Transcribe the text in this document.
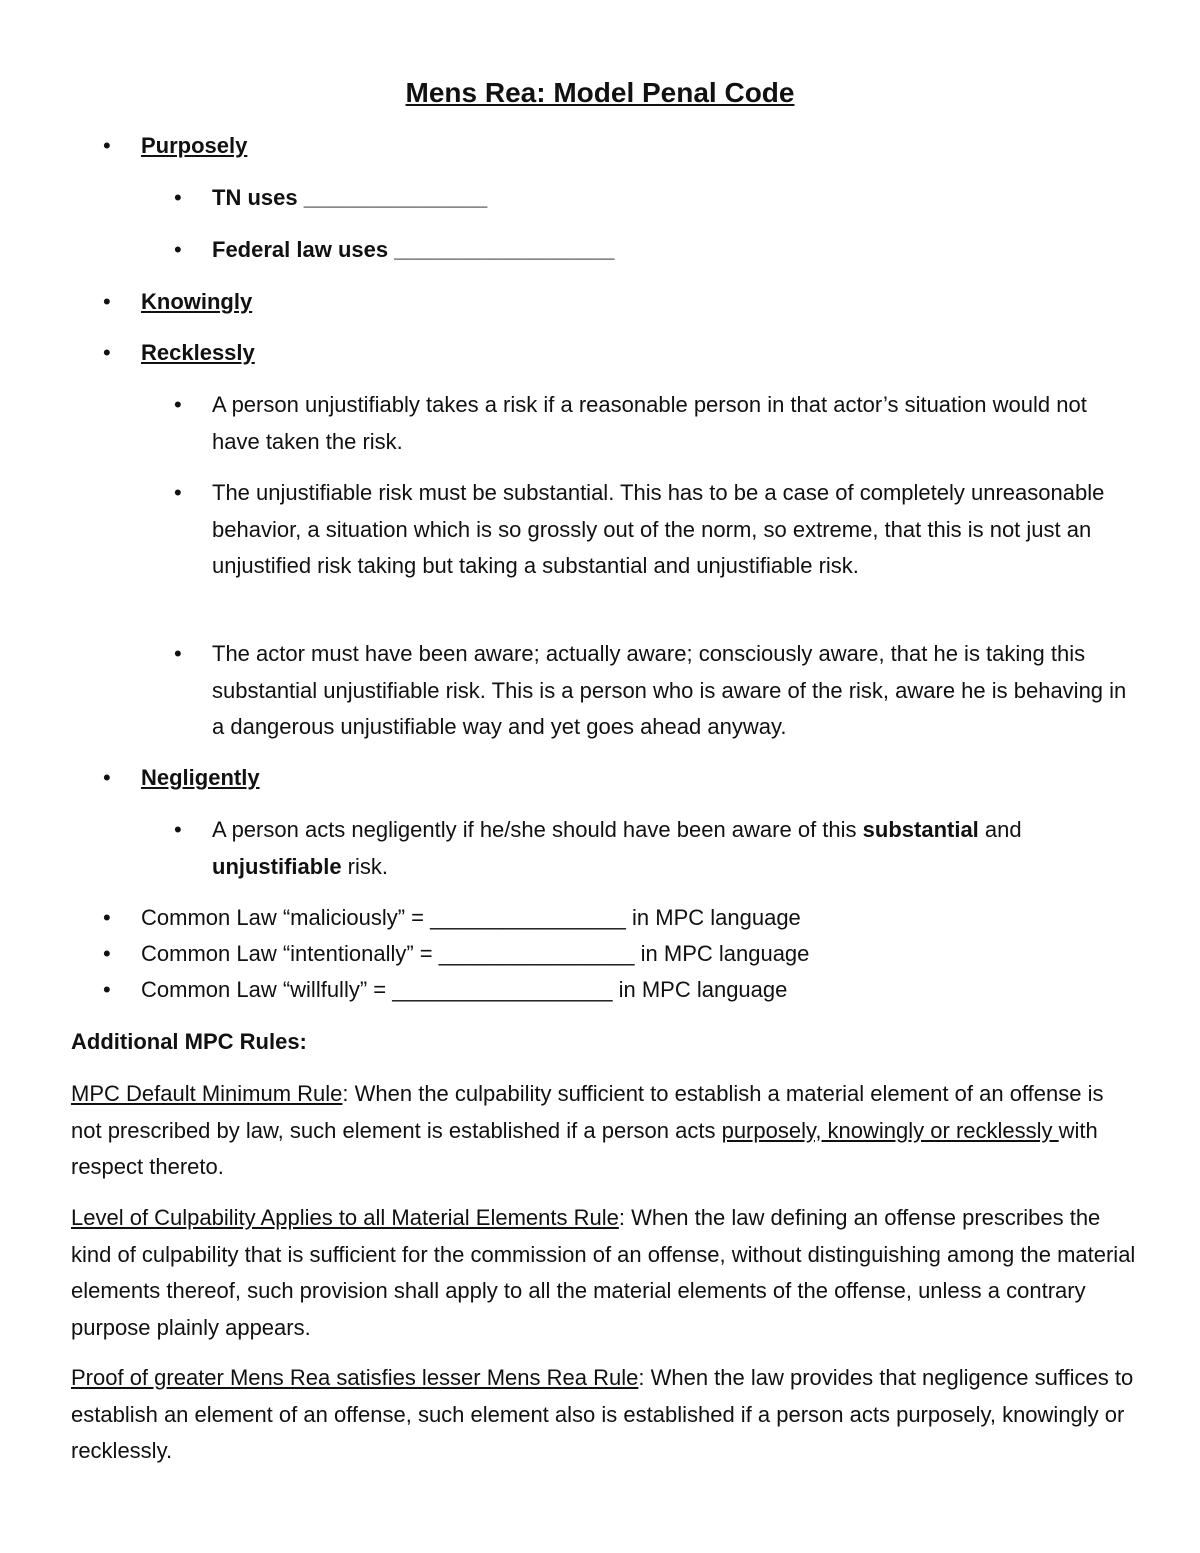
Mens Rea: Model Penal Code
• Purposely
• TN uses _______________
• Federal law uses __________________
• Knowingly
• Recklessly
• A person unjustifiably takes a risk if a reasonable person in that actor’s situation would not have taken the risk.
• The unjustifiable risk must be substantial. This has to be a case of completely unreasonable behavior, a situation which is so grossly out of the norm, so extreme, that this is not just an unjustified risk taking but taking a substantial and unjustifiable risk.
• The actor must have been aware; actually aware; consciously aware, that he is taking this substantial unjustifiable risk. This is a person who is aware of the risk, aware he is behaving in a dangerous unjustifiable way and yet goes ahead anyway.
• Negligently
• A person acts negligently if he/she should have been aware of this substantial and unjustifiable risk.
• Common Law “maliciously” = ________________ in MPC language
• Common Law “intentionally” = ________________ in MPC language
• Common Law “willfully” = __________________ in MPC language
Additional MPC Rules:
MPC Default Minimum Rule: When the culpability sufficient to establish a material element of an offense is not prescribed by law, such element is established if a person acts purposely, knowingly or recklessly with respect thereto.
Level of Culpability Applies to all Material Elements Rule: When the law defining an offense prescribes the kind of culpability that is sufficient for the commission of an offense, without distinguishing among the material elements thereof, such provision shall apply to all the material elements of the offense, unless a contrary purpose plainly appears.
Proof of greater Mens Rea satisfies lesser Mens Rea Rule: When the law provides that negligence suffices to establish an element of an offense, such element also is established if a person acts purposely, knowingly or recklessly.
